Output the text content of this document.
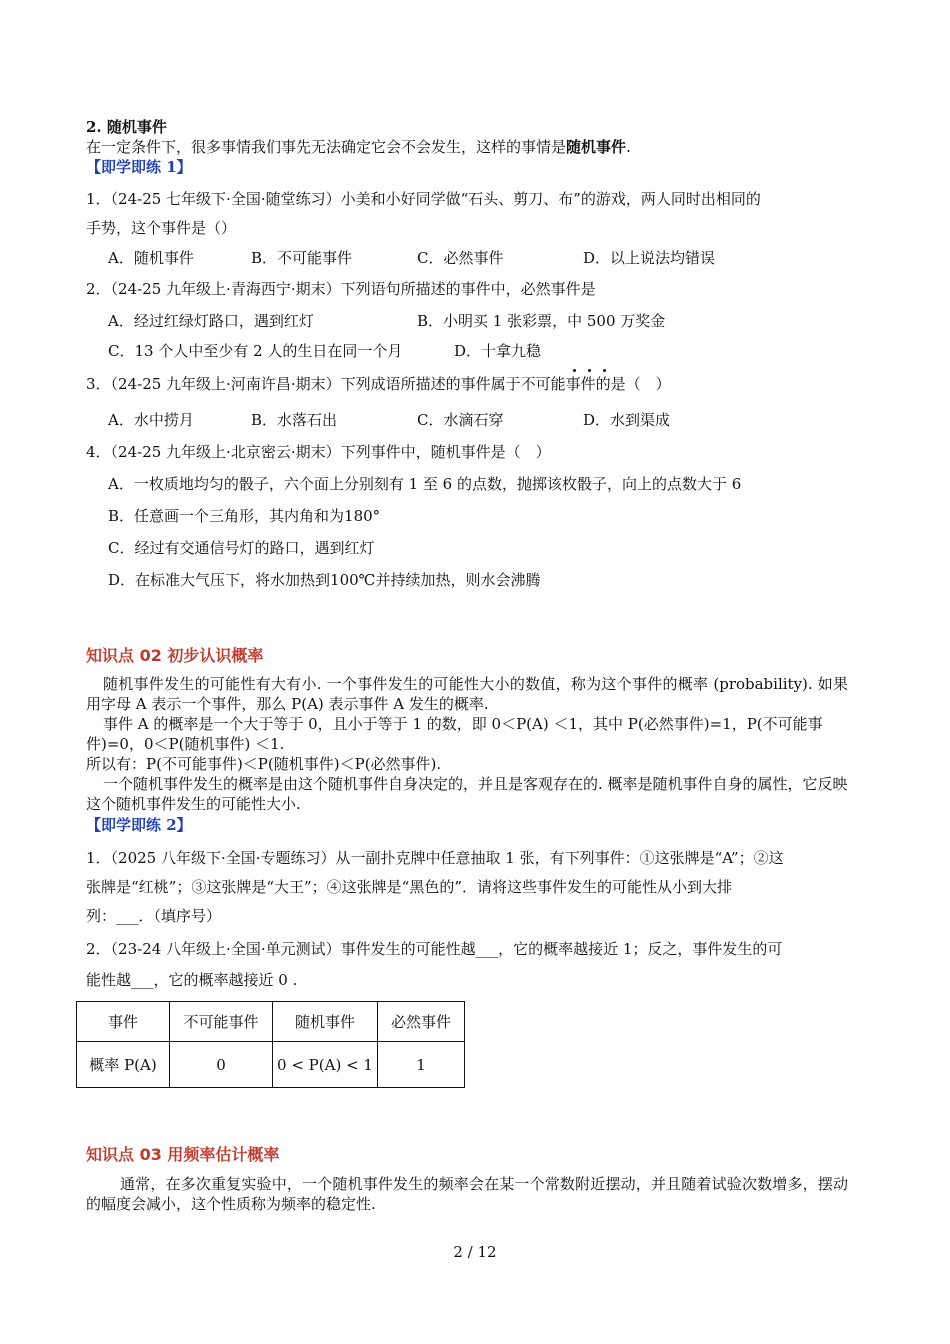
2. 随机事件
在一定条件下，很多事情我们事先无法确定它会不会发生，这样的事情是随机事件.
【即学即练 1】
1．（24-25 七年级下·全国·随堂练习）小美和小好同学做“石头、剪刀、布”的游戏，两人同时出相同的
手势，这个事件是（）
A．随机事件	B．不可能事件	C．必然事件	D．以上说法均错误
2．（24-25 九年级上·青海西宁·期末）下列语句所描述的事件中，必然事件是
A．经过红绿灯路口，遇到红灯	B．小明买 1 张彩票，中 500 万奖金
C．13 个人中至少有 2 人的生日在同一个月	D．十拿九稳
3．（24-25 九年级上·河南许昌·期末）下列成语所描述的事件属于不可能事件的是（　）
A．水中捞月	B．水落石出	C．水滴石穿	D．水到渠成
4．（24-25 九年级上·北京密云·期末）下列事件中，随机事件是（　）
A．一枚质地均匀的骰子，六个面上分别刻有 1 至 6 的点数，抛掷该枚骰子，向上的点数大于 6
B．任意画一个三角形，其内角和为180°
C．经过有交通信号灯的路口，遇到红灯
D．在标准大气压下，将水加热到100℃并持续加热，则水会沸腾
知识点 02 初步认识概率
随机事件发生的可能性有大有小. 一个事件发生的可能性大小的数值，称为这个事件的概率 (probability). 如果用字母 A 表示一个事件，那么 P(A) 表示事件 A 发生的概率.
事件 A 的概率是一个大于等于 0，且小于等于 1 的数，即 0＜P(A) ＜1，其中 P(必然事件)=1，P(不可能事件)=0，0＜P(随机事件) ＜1.
所以有：P(不可能事件)＜P(随机事件)＜P(必然事件).
一个随机事件发生的概率是由这个随机事件自身决定的，并且是客观存在的. 概率是随机事件自身的属性，它反映这个随机事件发生的可能性大小.
【即学即练 2】
1．（2025 八年级下·全国·专题练习）从一副扑克牌中任意抽取 1 张，有下列事件：①这张牌是“A”；②这
张牌是“红桃”；③这张牌是“大王”；④这张牌是“黑色的”．请将这些事件发生的可能性从小到大排
列：___．（填序号）
2．（23-24 八年级上·全国·单元测试）事件发生的可能性越___，它的概率越接近 1；反之，事件发生的可
能性越___，它的概率越接近 0 .
事件	不可能事件	随机事件	必然事件
概率 P(A)	0	0 < P(A) < 1	1
知识点 03 用频率估计概率
通常，在多次重复实验中，一个随机事件发生的频率会在某一个常数附近摆动，并且随着试验次数增多，摆动的幅度会减小，这个性质称为频率的稳定性.
2 / 12
